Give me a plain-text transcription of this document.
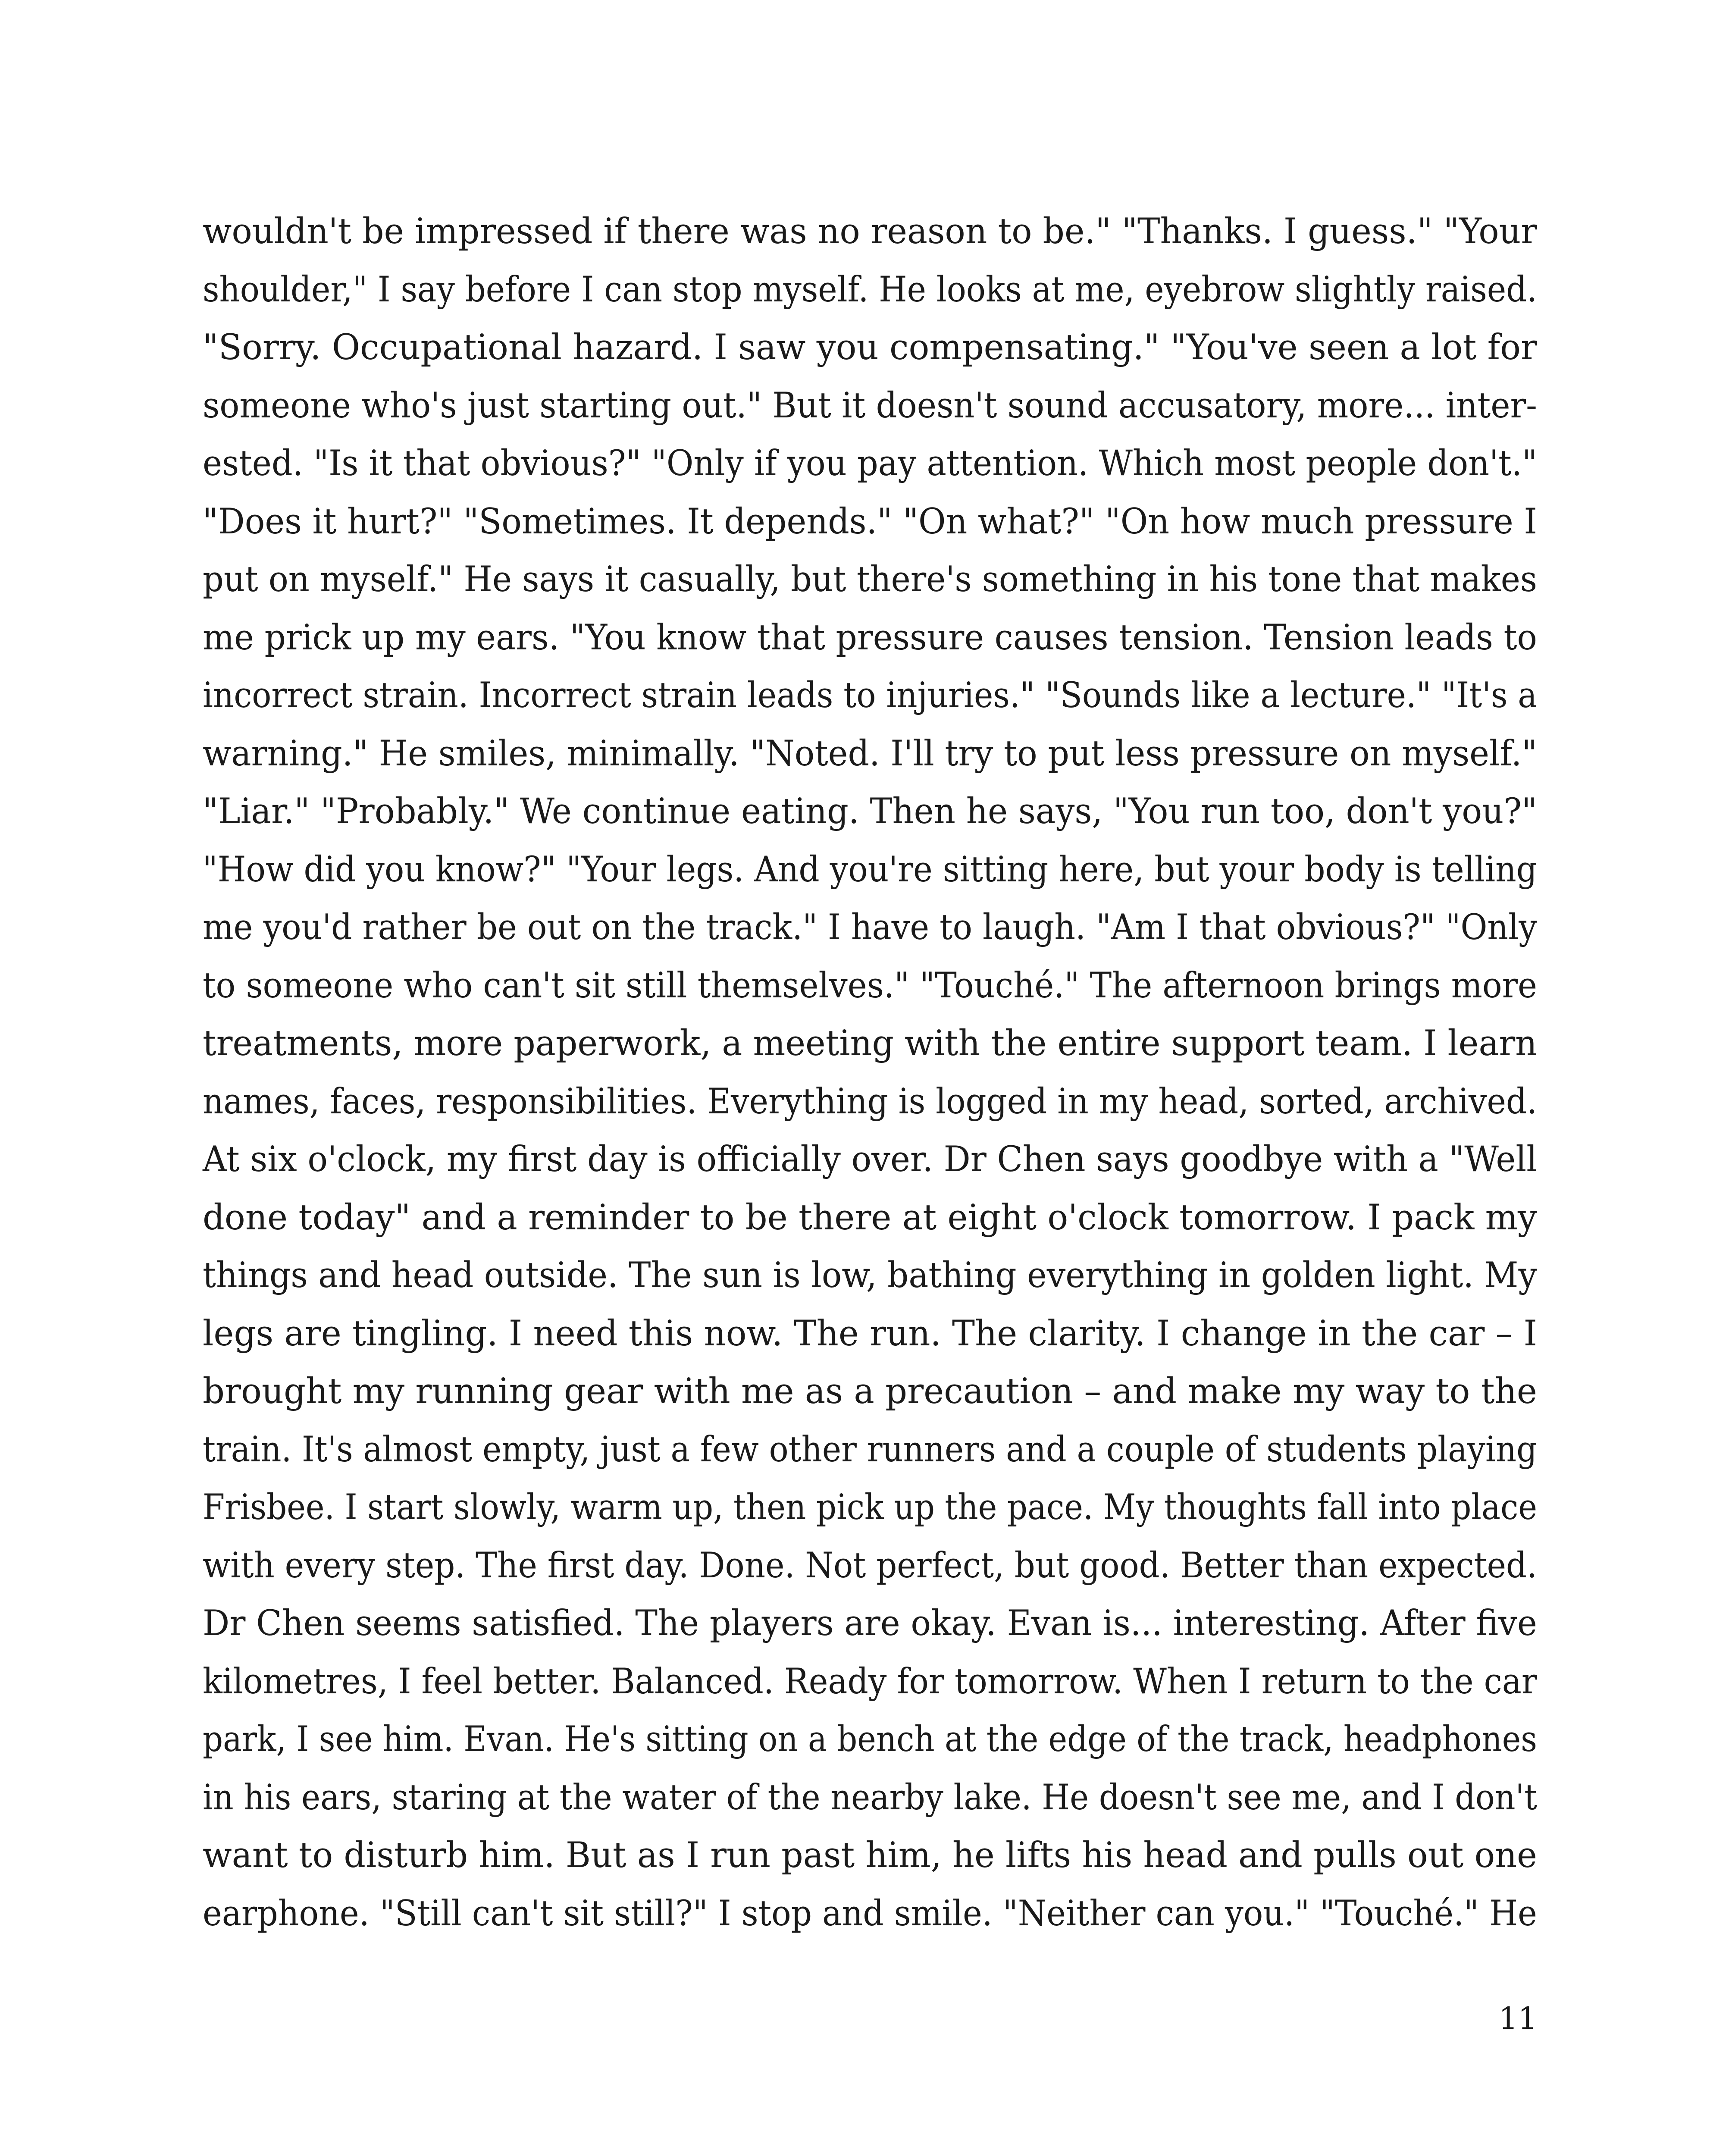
wouldn't be impressed if there was no reason to be." "Thanks. I guess." "Your
shoulder," I say before I can stop myself. He looks at me, eyebrow slightly raised.
"Sorry. Occupational hazard. I saw you compensating." "You've seen a lot for
someone who's just starting out." But it doesn't sound accusatory, more... inter-
ested. "Is it that obvious?" "Only if you pay attention. Which most people don't."
"Does it hurt?" "Sometimes. It depends." "On what?" "On how much pressure I
put on myself." He says it casually, but there's something in his tone that makes
me prick up my ears. "You know that pressure causes tension. Tension leads to
incorrect strain. Incorrect strain leads to injuries." "Sounds like a lecture." "It's a
warning." He smiles, minimally. "Noted. I'll try to put less pressure on myself."
"Liar." "Probably." We continue eating. Then he says, "You run too, don't you?"
"How did you know?" "Your legs. And you're sitting here, but your body is telling
me you'd rather be out on the track." I have to laugh. "Am I that obvious?" "Only
to someone who can't sit still themselves." "Touché." The afternoon brings more
treatments, more paperwork, a meeting with the entire support team. I learn
names, faces, responsibilities. Everything is logged in my head, sorted, archived.
At six o'clock, my first day is officially over. Dr Chen says goodbye with a "Well
done today" and a reminder to be there at eight o'clock tomorrow. I pack my
things and head outside. The sun is low, bathing everything in golden light. My
legs are tingling. I need this now. The run. The clarity. I change in the car – I
brought my running gear with me as a precaution – and make my way to the
train. It's almost empty, just a few other runners and a couple of students playing
Frisbee. I start slowly, warm up, then pick up the pace. My thoughts fall into place
with every step. The first day. Done. Not perfect, but good. Better than expected.
Dr Chen seems satisfied. The players are okay. Evan is... interesting. After five
kilometres, I feel better. Balanced. Ready for tomorrow. When I return to the car
park, I see him. Evan. He's sitting on a bench at the edge of the track, headphones
in his ears, staring at the water of the nearby lake. He doesn't see me, and I don't
want to disturb him. But as I run past him, he lifts his head and pulls out one
earphone. "Still can't sit still?" I stop and smile. "Neither can you." "Touché." He
11
